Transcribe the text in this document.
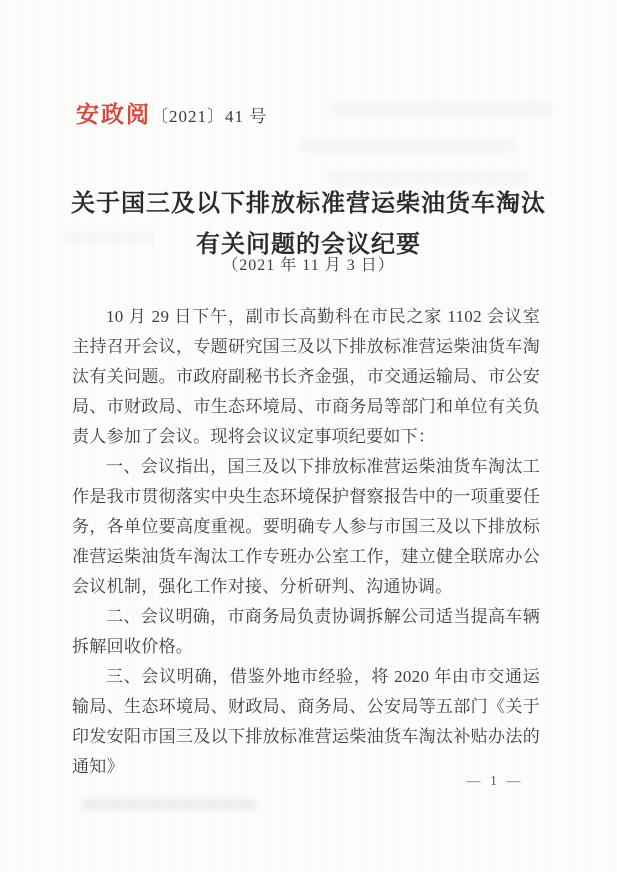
安政阅〔2021〕41 号
关于国三及以下排放标准营运柴油货车淘汰
有关问题的会议纪要
（2021 年 11 月 3 日）

10 月 29 日下午，副市长高勤科在市民之家 1102 会议室主持召开会议，专题研究国三及以下排放标准营运柴油货车淘汰有关问题。市政府副秘书长齐金强，市交通运输局、市公安局、市财政局、市生态环境局、市商务局等部门和单位有关负责人参加了会议。现将会议议定事项纪要如下：

一、会议指出，国三及以下排放标准营运柴油货车淘汰工作是我市贯彻落实中央生态环境保护督察报告中的一项重要任务，各单位要高度重视。要明确专人参与市国三及以下排放标准营运柴油货车淘汰工作专班办公室工作，建立健全联席办公会议机制，强化工作对接、分析研判、沟通协调。

二、会议明确，市商务局负责协调拆解公司适当提高车辆拆解回收价格。

三、会议明确，借鉴外地市经验，将 2020 年由市交通运输局、生态环境局、财政局、商务局、公安局等五部门《关于印发安阳市国三及以下排放标准营运柴油货车淘汰补贴办法的通知》

— 1 —
